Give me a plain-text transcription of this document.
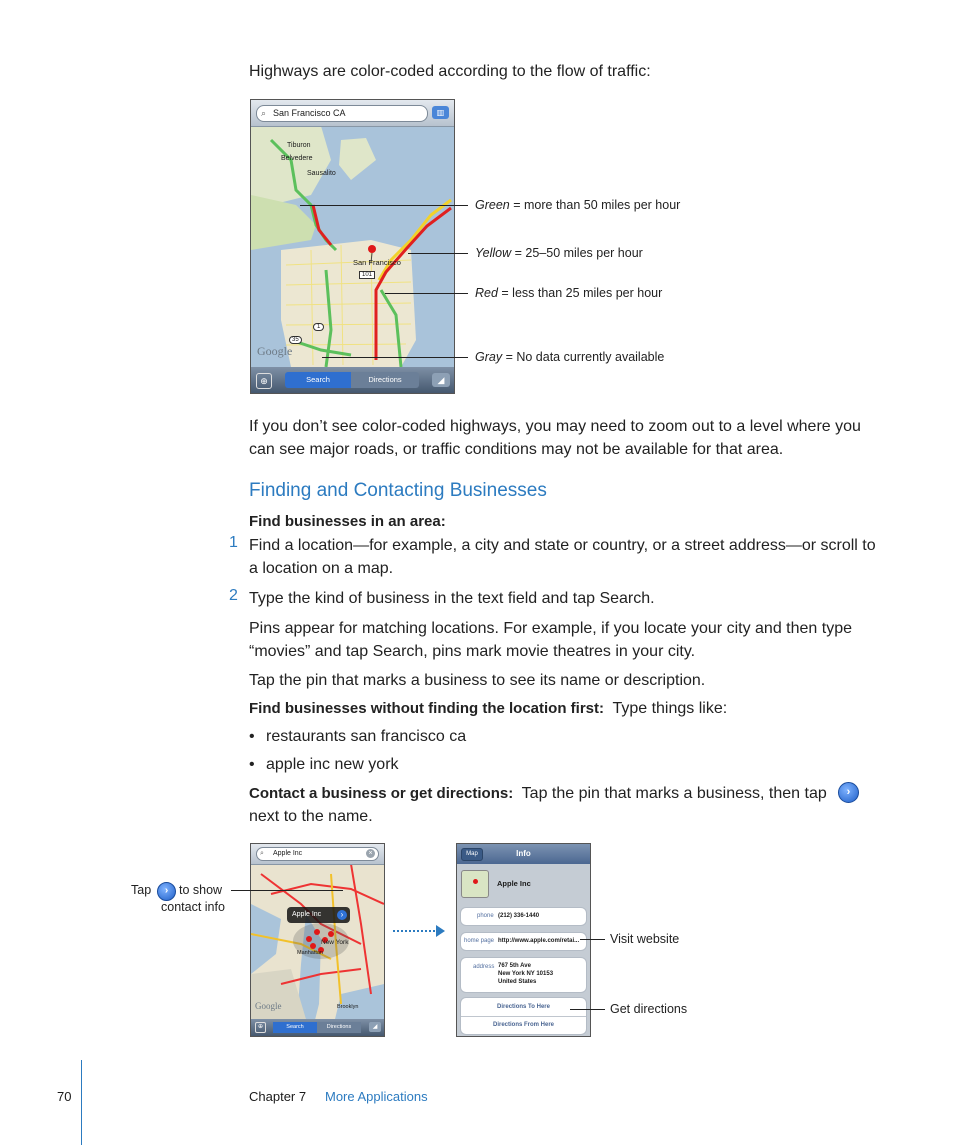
Highways are color-coded according to the flow of traffic:
⌕ San Francisco CA	▥
Tiburon
Belvedere
Sausalito
San Francisco
101
1
35
Google
⊕	Search	Directions	◢
Green = more than 50 miles per hour
Yellow = 25–50 miles per hour
Red = less than 25 miles per hour
Gray = No data currently available
If you don’t see color-coded highways, you may need to zoom out to a level where you can see major roads, or traffic conditions may not be available for that area.
Finding and Contacting Businesses
Find businesses in an area:
1 Find a location—for example, a city and state or country, or a street address—or scroll to a location on a map.
2 Type the kind of business in the text field and tap Search.
Pins appear for matching locations. For example, if you locate your city and then type “movies” and tap Search, pins mark movie theatres in your city.
Tap the pin that marks a business to see its name or description.
Find businesses without finding the location first: Type things like:
• restaurants san francisco ca
• apple inc new york
Contact a business or get directions: Tap the pin that marks a business, then tap	›
next to the name.
⌕ Apple Inc	×
Apple Inc	›
New York
Manhattan
Brooklyn
Google
⊕	Search	Directions	◢
Tap	› to show
contact info
Map	Info
Apple Inc
phone (212) 336-1440
home page http://www.apple.com/retai...
address 767 5th Ave
New York NY 10153
United States
Directions To Here
Directions From Here
Visit website
Get directions
70	Chapter 7 More Applications
